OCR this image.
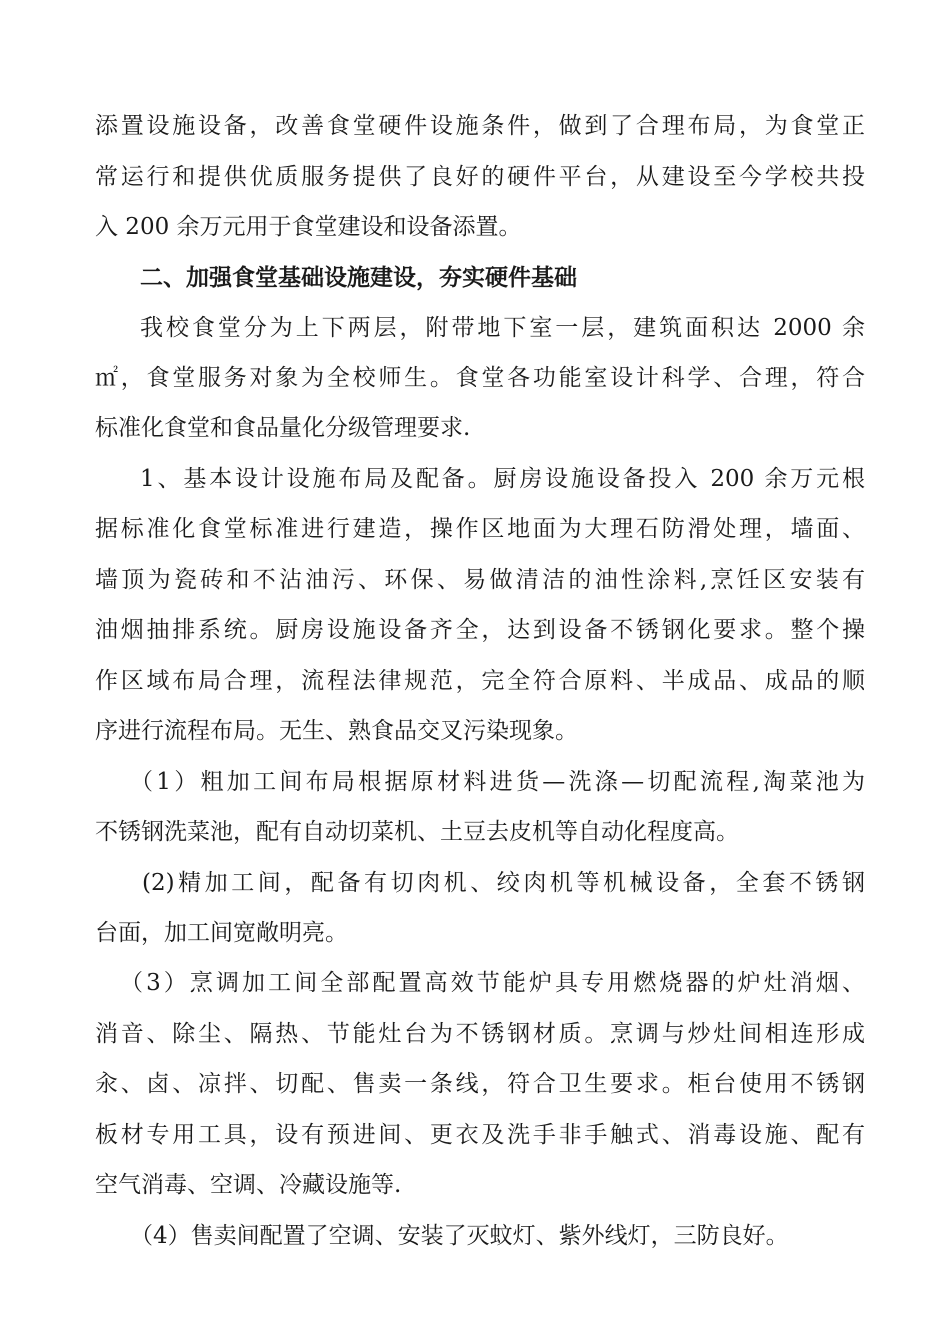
添置设施设备，改善食堂硬件设施条件，做到了合理布局，为食堂正
常运行和提供优质服务提供了良好的硬件平台，从建设至今学校共投
入 200 余万元用于食堂建设和设备添置。
二、加强食堂基础设施建设，夯实硬件基础
我校食堂分为上下两层，附带地下室一层，建筑面积达 2000 余
㎡，食堂服务对象为全校师生。食堂各功能室设计科学、合理，符合
标准化食堂和食品量化分级管理要求.
1、基本设计设施布局及配备。厨房设施设备投入 200 余万元根
据标准化食堂标准进行建造，操作区地面为大理石防滑处理，墙面、
墙顶为瓷砖和不沾油污、环保、易做清洁的油性涂料,烹饪区安装有
油烟抽排系统。厨房设施设备齐全，达到设备不锈钢化要求。整个操
作区域布局合理，流程法律规范，完全符合原料、半成品、成品的顺
序进行流程布局。无生、熟食品交叉污染现象。
（1）粗加工间布局根据原材料进货—洗涤—切配流程,淘菜池为
不锈钢洗菜池，配有自动切菜机、土豆去皮机等自动化程度高。
(2)精加工间，配备有切肉机、绞肉机等机械设备，全套不锈钢
台面，加工间宽敞明亮。
（3）烹调加工间全部配置高效节能炉具专用燃烧器的炉灶消烟、
消音、除尘、隔热、节能灶台为不锈钢材质。烹调与炒灶间相连形成
汆、卤、凉拌、切配、售卖一条线，符合卫生要求。柜台使用不锈钢
板材专用工具，设有预进间、更衣及洗手非手触式、消毒设施、配有
空气消毒、空调、冷藏设施等.
（4）售卖间配置了空调、安装了灭蚊灯、紫外线灯，三防良好。
